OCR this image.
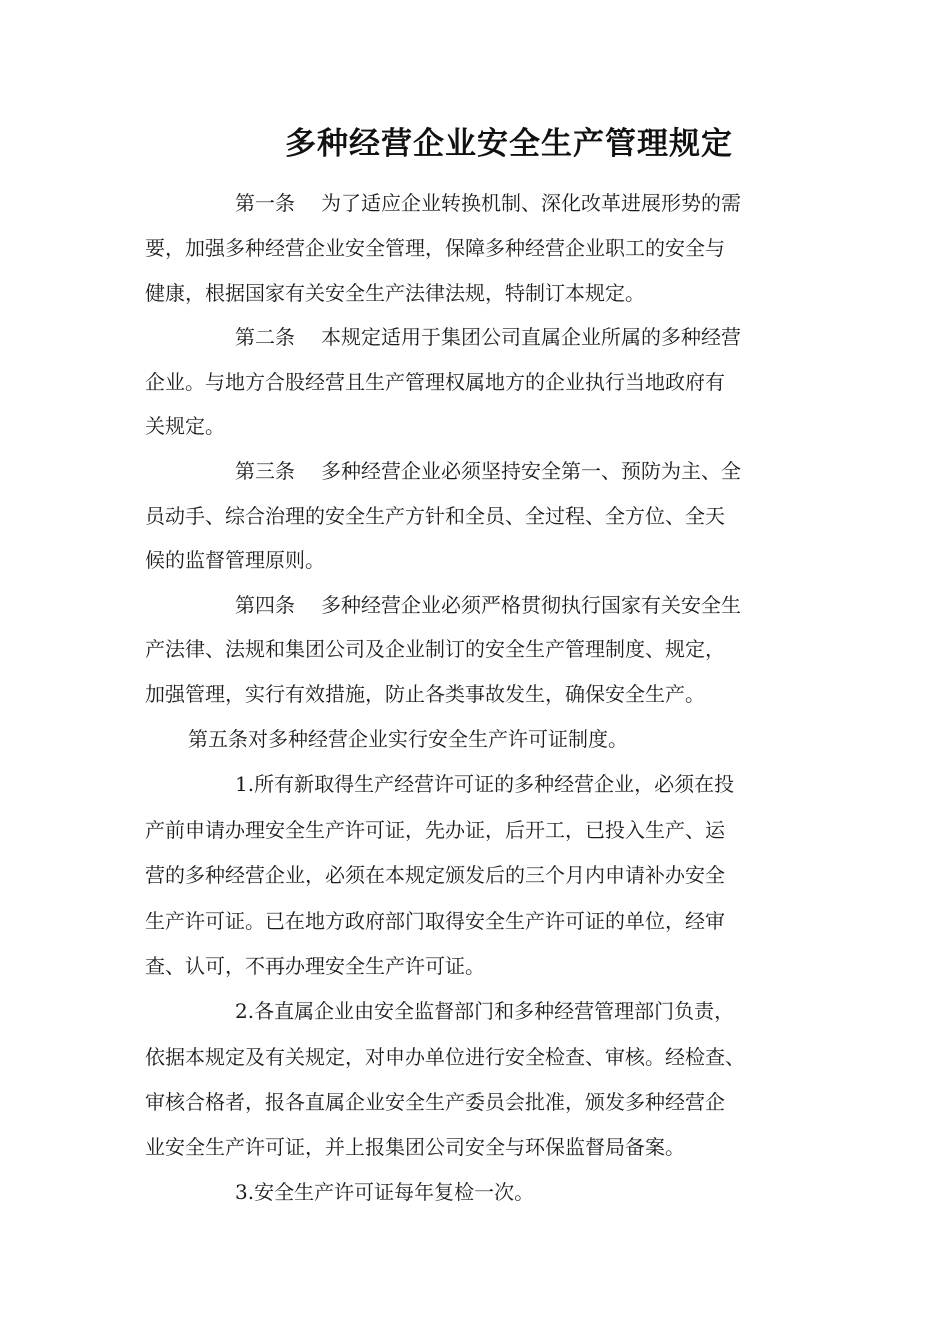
多种经营企业安全生产管理规定
第一条 为了适应企业转换机制、深化改革进展形势的需
要，加强多种经营企业安全管理，保障多种经营企业职工的安全与
健康，根据国家有关安全生产法律法规，特制订本规定。
第二条 本规定适用于集团公司直属企业所属的多种经营
企业。与地方合股经营且生产管理权属地方的企业执行当地政府有
关规定。
第三条 多种经营企业必须坚持安全第一、预防为主、全
员动手、综合治理的安全生产方针和全员、全过程、全方位、全天
候的监督管理原则。
第四条 多种经营企业必须严格贯彻执行国家有关安全生
产法律、法规和集团公司及企业制订的安全生产管理制度、规定，
加强管理，实行有效措施，防止各类事故发生，确保安全生产。
第五条对多种经营企业实行安全生产许可证制度。
1.所有新取得生产经营许可证的多种经营企业，必须在投
产前申请办理安全生产许可证，先办证，后开工，已投入生产、运
营的多种经营企业，必须在本规定颁发后的三个月内申请补办安全
生产许可证。已在地方政府部门取得安全生产许可证的单位，经审
查、认可，不再办理安全生产许可证。
2.各直属企业由安全监督部门和多种经营管理部门负责，
依据本规定及有关规定，对申办单位进行安全检查、审核。经检查、
审核合格者，报各直属企业安全生产委员会批准，颁发多种经营企
业安全生产许可证，并上报集团公司安全与环保监督局备案。
3.安全生产许可证每年复检一次。
